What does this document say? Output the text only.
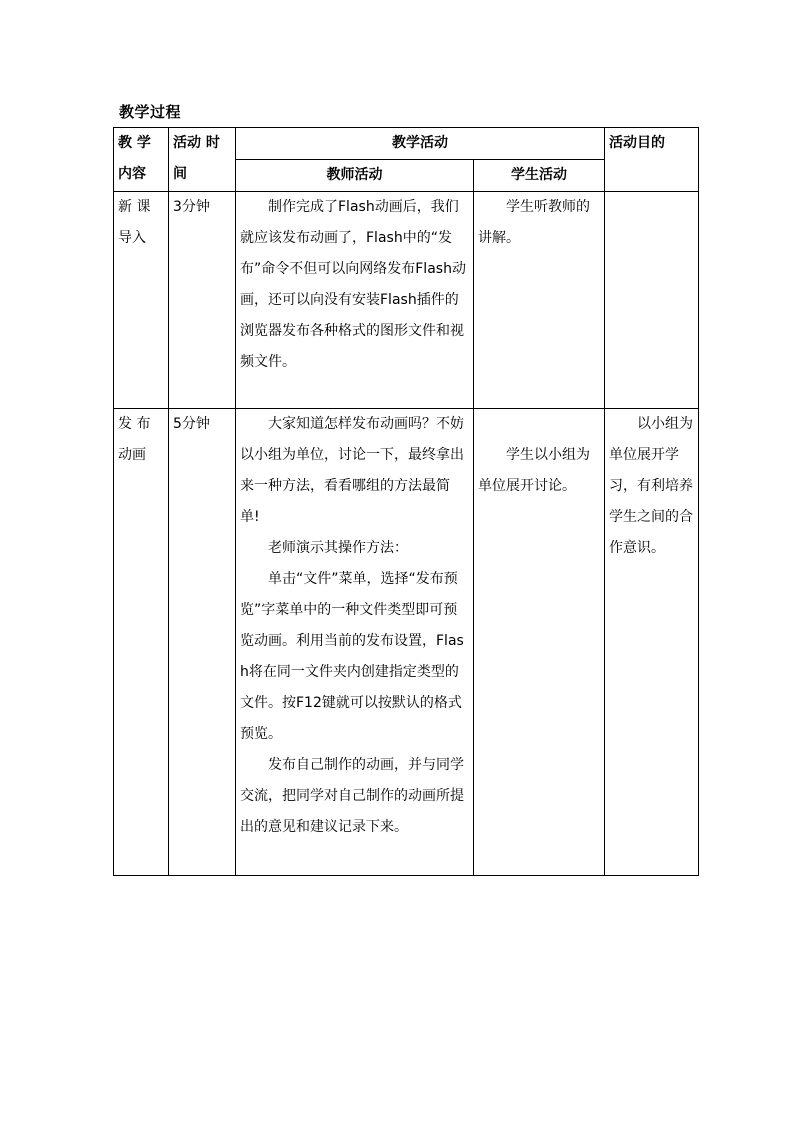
教学过程
教 学 内容	活动 时间	教学活动		活动目的
		教师活动	学生活动	
新 课 导入	3分钟	制作完成了Flash动画后，我们就应该发布动画了，Flash中的“发布”命令不但可以向网络发布Flash动画，还可以向没有安装Flash插件的浏览器发布各种格式的图形文件和视频文件。	学生听教师的讲解。	
发 布 动画	5分钟	大家知道怎样发布动画吗？不妨以小组为单位，讨论一下，最终拿出来一种方法，看看哪组的方法最简单!

老师演示其操作方法：

单击“文件”菜单，选择“发布预览”字菜单中的一种文件类型即可预览动画。利用当前的发布设置，Flash将在同一文件夹内创建指定类型的文件。按F12键就可以按默认的格式预览。

发布自己制作的动画，并与同学交流，把同学对自己制作的动画所提出的意见和建议记录下来。	学生以小组为单位展开讨论。	以小组为单位展开学习，有利培养学生之间的合作意识。
